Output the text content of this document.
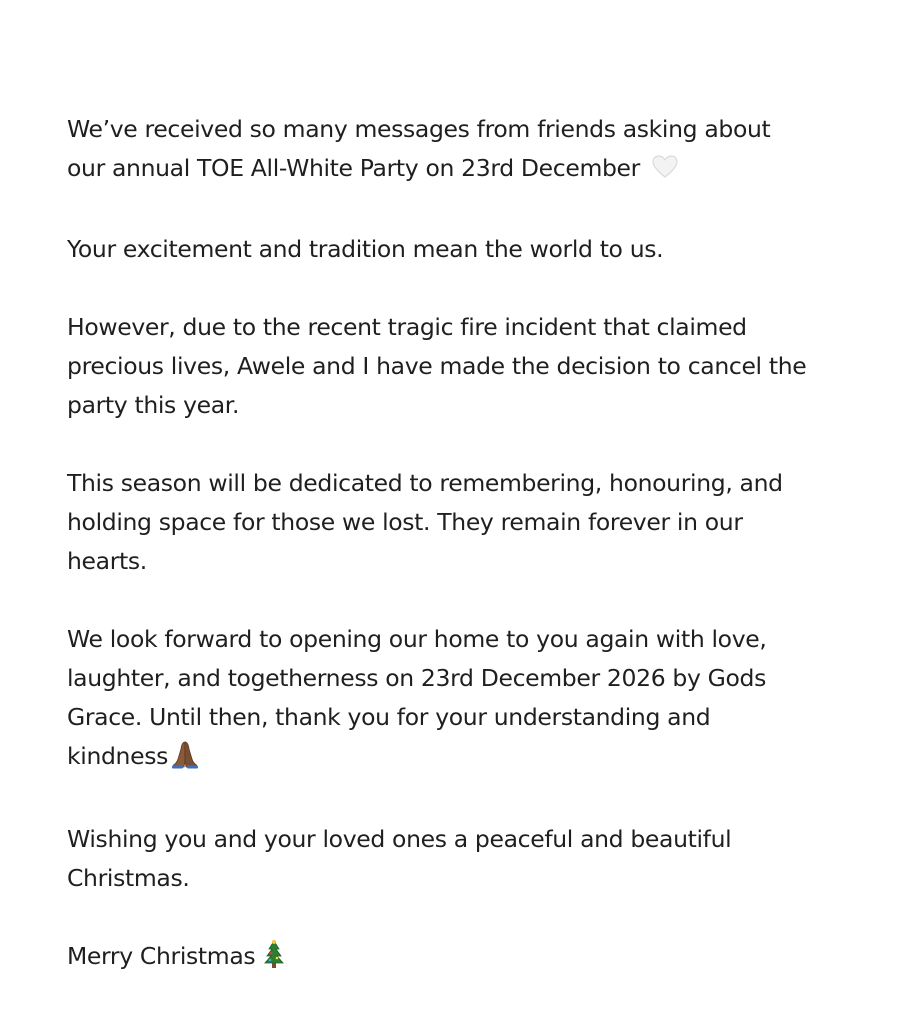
We’ve received so many messages from friends asking about
our annual TOE All-White Party on 23rd December
Your excitement and tradition mean the world to us.
However, due to the recent tragic fire incident that claimed
precious lives, Awele and I have made the decision to cancel the
party this year.
This season will be dedicated to remembering, honouring, and
holding space for those we lost. They remain forever in our
hearts.
We look forward to opening our home to you again with love,
laughter, and togetherness on 23rd December 2026 by Gods
Grace. Until then, thank you for your understanding and
kindness
Wishing you and your loved ones a peaceful and beautiful
Christmas.
Merry Christmas
